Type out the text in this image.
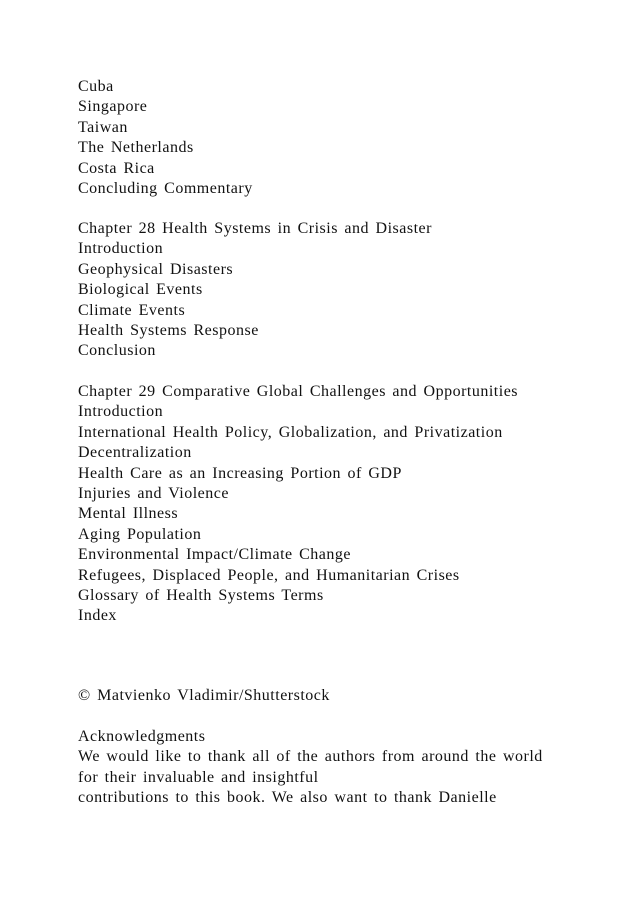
Cuba
Singapore
Taiwan
The Netherlands
Costa Rica
Concluding Commentary
Chapter 28 Health Systems in Crisis and Disaster
Introduction
Geophysical Disasters
Biological Events
Climate Events
Health Systems Response
Conclusion
Chapter 29 Comparative Global Challenges and Opportunities
Introduction
International Health Policy, Globalization, and Privatization
Decentralization
Health Care as an Increasing Portion of GDP
Injuries and Violence
Mental Illness
Aging Population
Environmental Impact/Climate Change
Refugees, Displaced People, and Humanitarian Crises
Glossary of Health Systems Terms
Index
© Matvienko Vladimir/Shutterstock
Acknowledgments
We would like to thank all of the authors from around the world
for their invaluable and insightful
contributions to this book. We also want to thank Danielle
